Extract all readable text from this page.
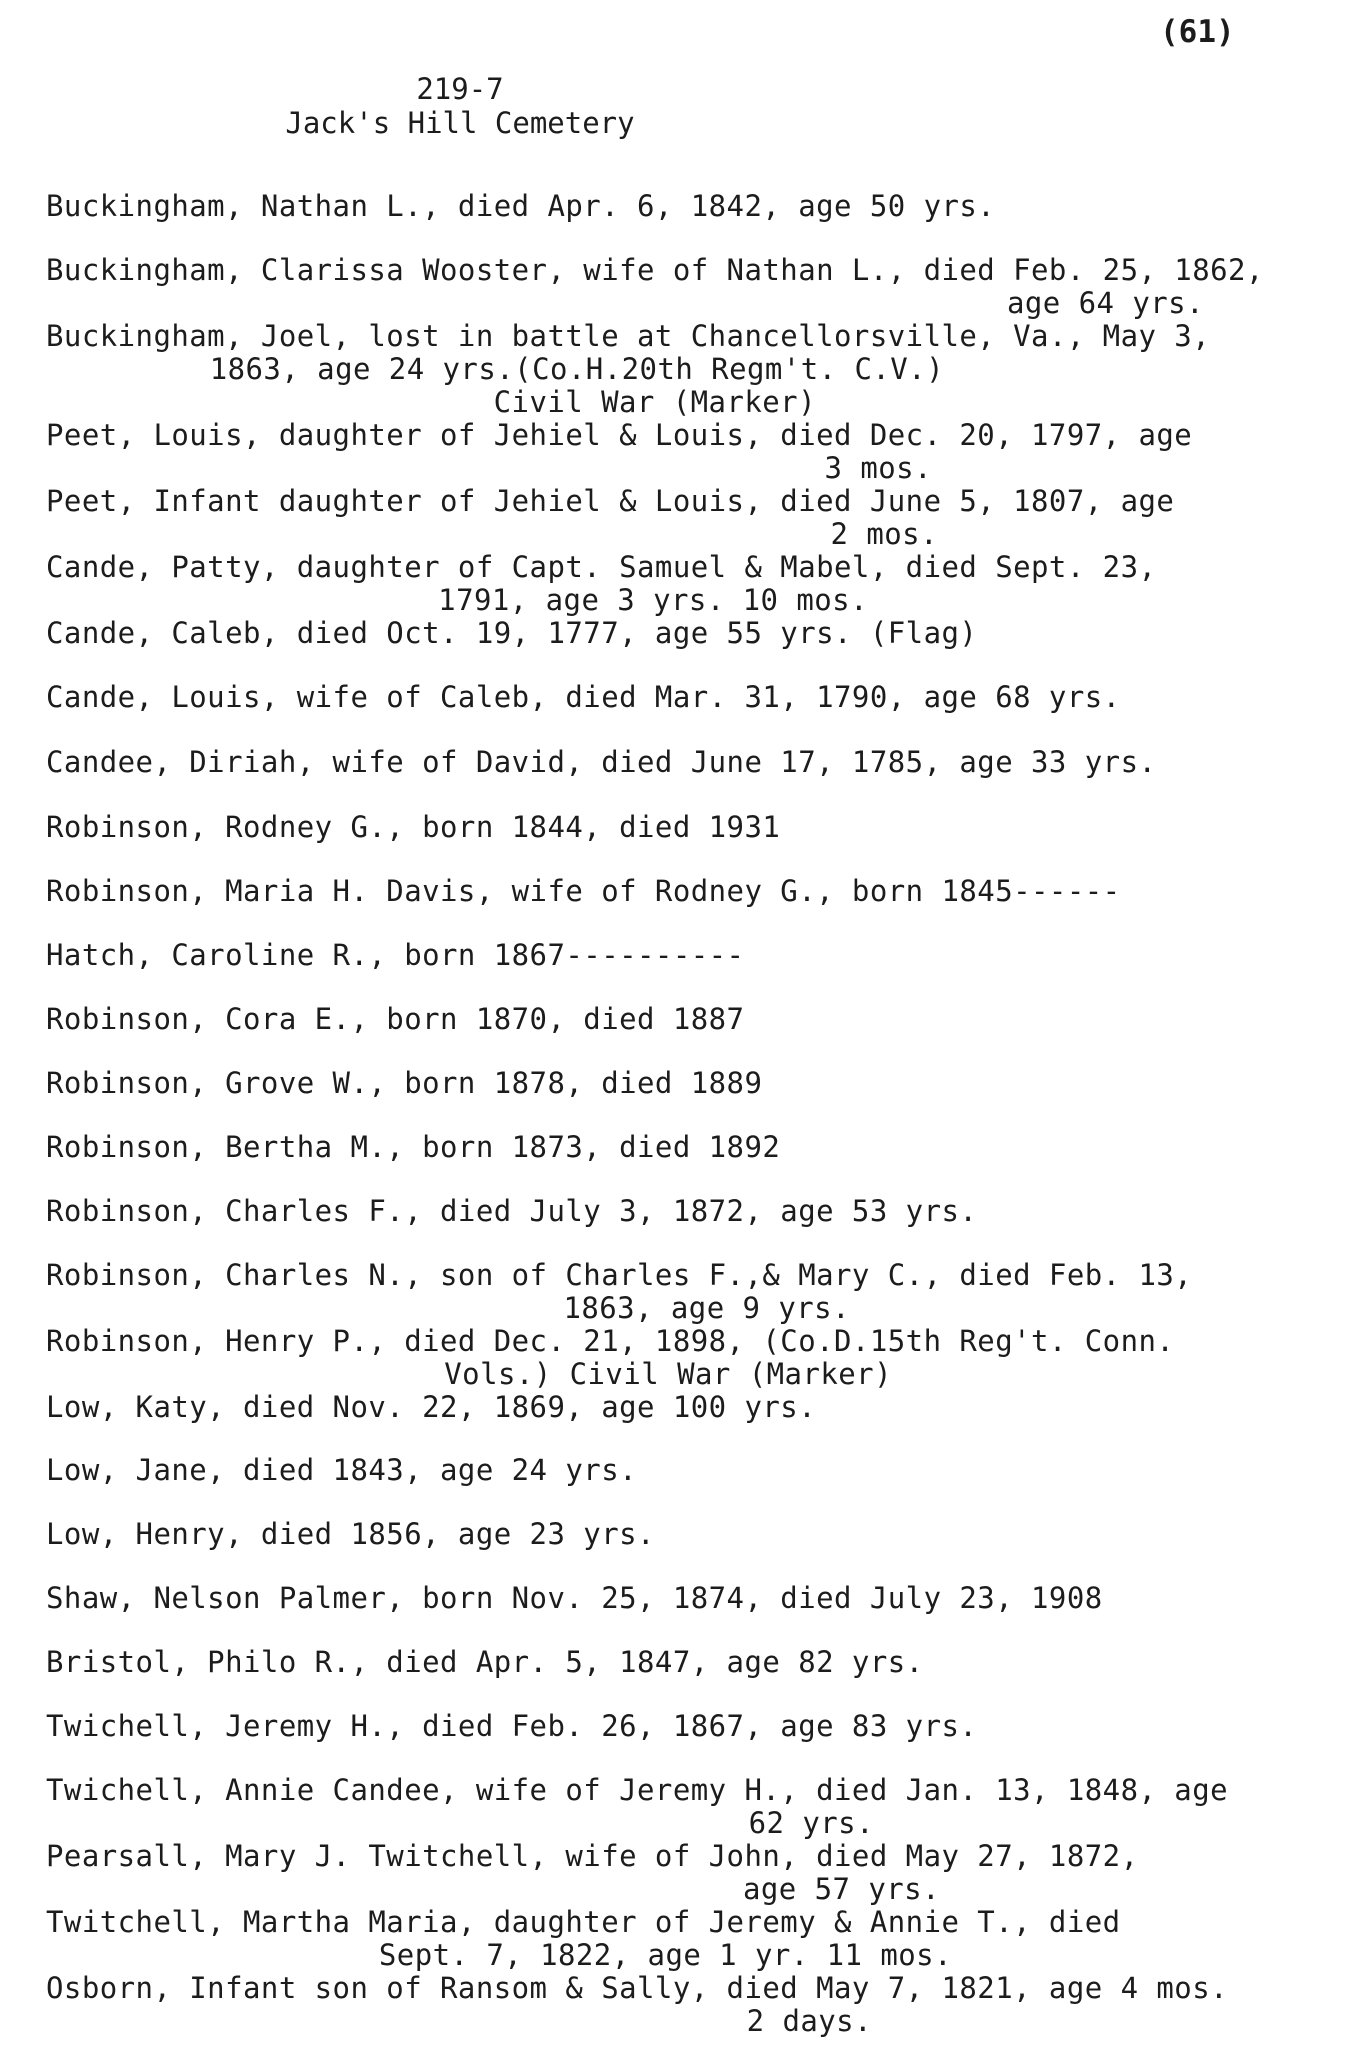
(61)
219-7
Jack's Hill Cemetery
Buckingham, Nathan L., died Apr. 6, 1842, age 50 yrs.
Buckingham, Clarissa Wooster, wife of Nathan L., died Feb. 25, 1862,
age 64 yrs.
Buckingham, Joel, lost in battle at Chancellorsville, Va., May 3,
1863, age 24 yrs.(Co.H.20th Regm't. C.V.)
Civil War (Marker)
Peet, Louis, daughter of Jehiel & Louis, died Dec. 20, 1797, age
3 mos.
Peet, Infant daughter of Jehiel & Louis, died June 5, 1807, age
2 mos.
Cande, Patty, daughter of Capt. Samuel & Mabel, died Sept. 23,
1791, age 3 yrs. 10 mos.
Cande, Caleb, died Oct. 19, 1777, age 55 yrs. (Flag)
Cande, Louis, wife of Caleb, died Mar. 31, 1790, age 68 yrs.
Candee, Diriah, wife of David, died June 17, 1785, age 33 yrs.
Robinson, Rodney G., born 1844, died 1931
Robinson, Maria H. Davis, wife of Rodney G., born 1845------
Hatch, Caroline R., born 1867----------
Robinson, Cora E., born 1870, died 1887
Robinson, Grove W., born 1878, died 1889
Robinson, Bertha M., born 1873, died 1892
Robinson, Charles F., died July 3, 1872, age 53 yrs.
Robinson, Charles N., son of Charles F.,& Mary C., died Feb. 13,
1863, age 9 yrs.
Robinson, Henry P., died Dec. 21, 1898, (Co.D.15th Reg't. Conn.
Vols.) Civil War (Marker)
Low, Katy, died Nov. 22, 1869, age 100 yrs.
Low, Jane, died 1843, age 24 yrs.
Low, Henry, died 1856, age 23 yrs.
Shaw, Nelson Palmer, born Nov. 25, 1874, died July 23, 1908
Bristol, Philo R., died Apr. 5, 1847, age 82 yrs.
Twichell, Jeremy H., died Feb. 26, 1867, age 83 yrs.
Twichell, Annie Candee, wife of Jeremy H., died Jan. 13, 1848, age
62 yrs.
Pearsall, Mary J. Twitchell, wife of John, died May 27, 1872,
age 57 yrs.
Twitchell, Martha Maria, daughter of Jeremy & Annie T., died
Sept. 7, 1822, age 1 yr. 11 mos.
Osborn, Infant son of Ransom & Sally, died May 7, 1821, age 4 mos.
2 days.
